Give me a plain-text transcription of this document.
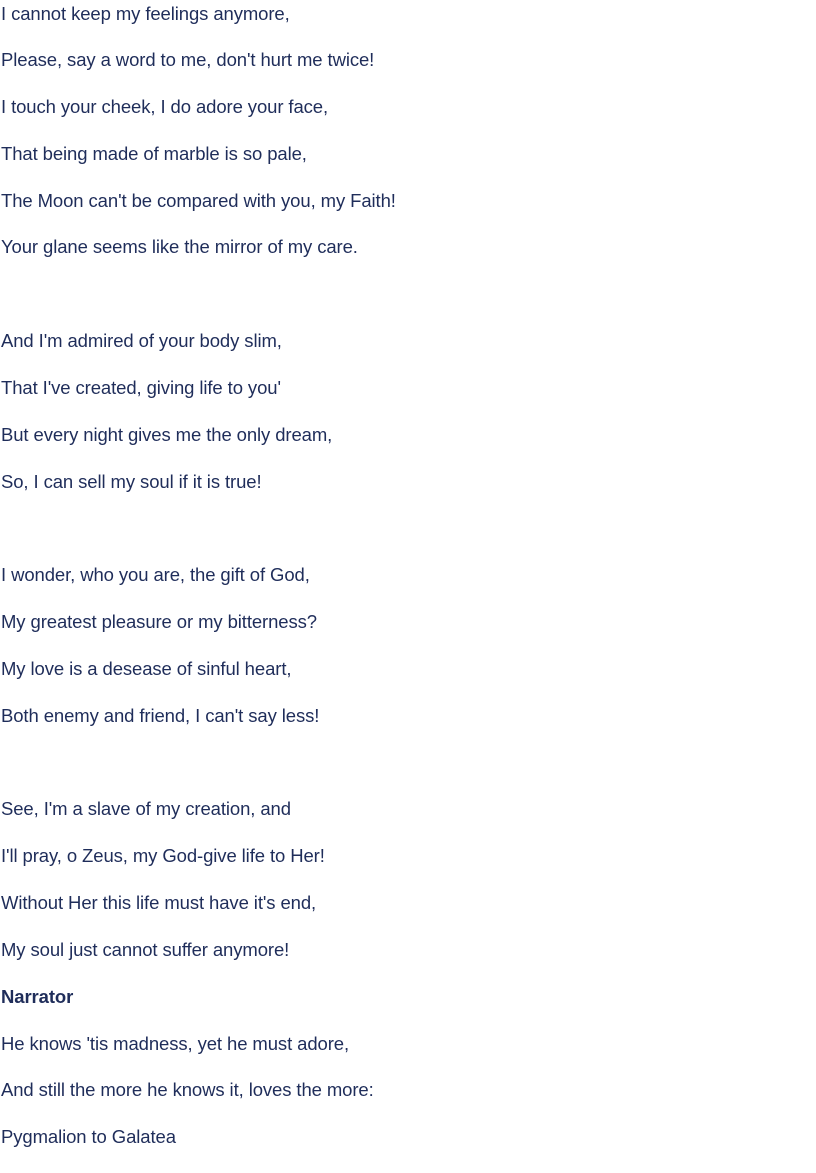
I cannot keep my feelings anymore,
Please, say a word to me, don't hurt me twice!
I touch your cheek, I do adore your face,
That being made of marble is so pale,
The Moon can't be compared with you, my Faith!
Your glane seems like the mirror of my care.
And I'm admired of your body slim,
That I've created, giving life to you'
But every night gives me the only dream,
So, I can sell my soul if it is true!
I wonder, who you are, the gift of God,
My greatest pleasure or my bitterness?
My love is a desease of sinful heart,
Both enemy and friend, I can't say less!
See, I'm a slave of my creation, and
I'll pray, o Zeus, my God-give life to Her!
Without Her this life must have it's end,
My soul just cannot suffer anymore!
Narrator
He knows 'tis madness, yet he must adore,
And still the more he knows it, loves the more:
Pygmalion to Galatea
